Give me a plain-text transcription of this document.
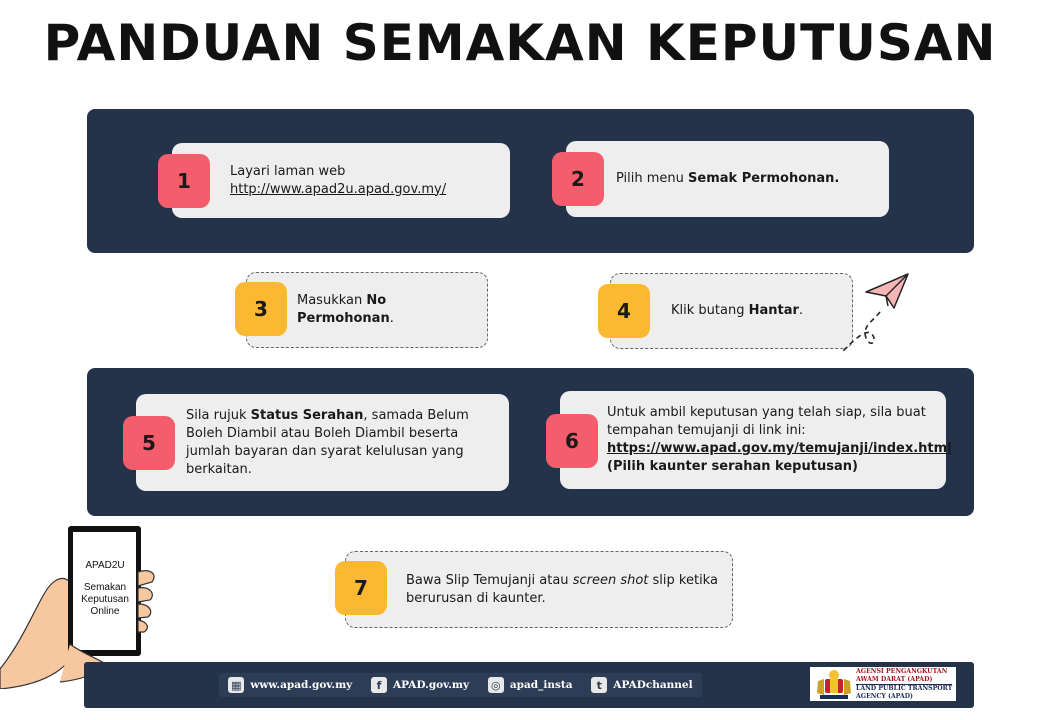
PANDUAN SEMAKAN KEPUTUSAN
Layari laman web
http://www.apad2u.apad.gov.my/
1	Pilih menu Semak Permohonan.
2
Masukkan No Permohonan.
3	Klik butang Hantar.
4
Sila rujuk Status Serahan, samada Belum Boleh Diambil atau Boleh Diambil beserta jumlah bayaran dan syarat kelulusan yang berkaitan.
5
Untuk ambil keputusan yang telah siap, sila buat tempahan temujanji di link ini:
https://www.apad.gov.my/temujanji/index.html
(Pilih kaunter serahan keputusan)
6
Bawa Slip Temujanji atau screen shot slip ketika berurusan di kaunter.
7
APAD2U
Semakan Keputusan Online
▦ www.apad.gov.my	f	APAD.gov.my ◎ apad_insta	t	APADchannel
AGENSI PENGANGKUTAN
AWAM DARAT (APAD)
LAND PUBLIC TRANSPORT
AGENCY (APAD)
